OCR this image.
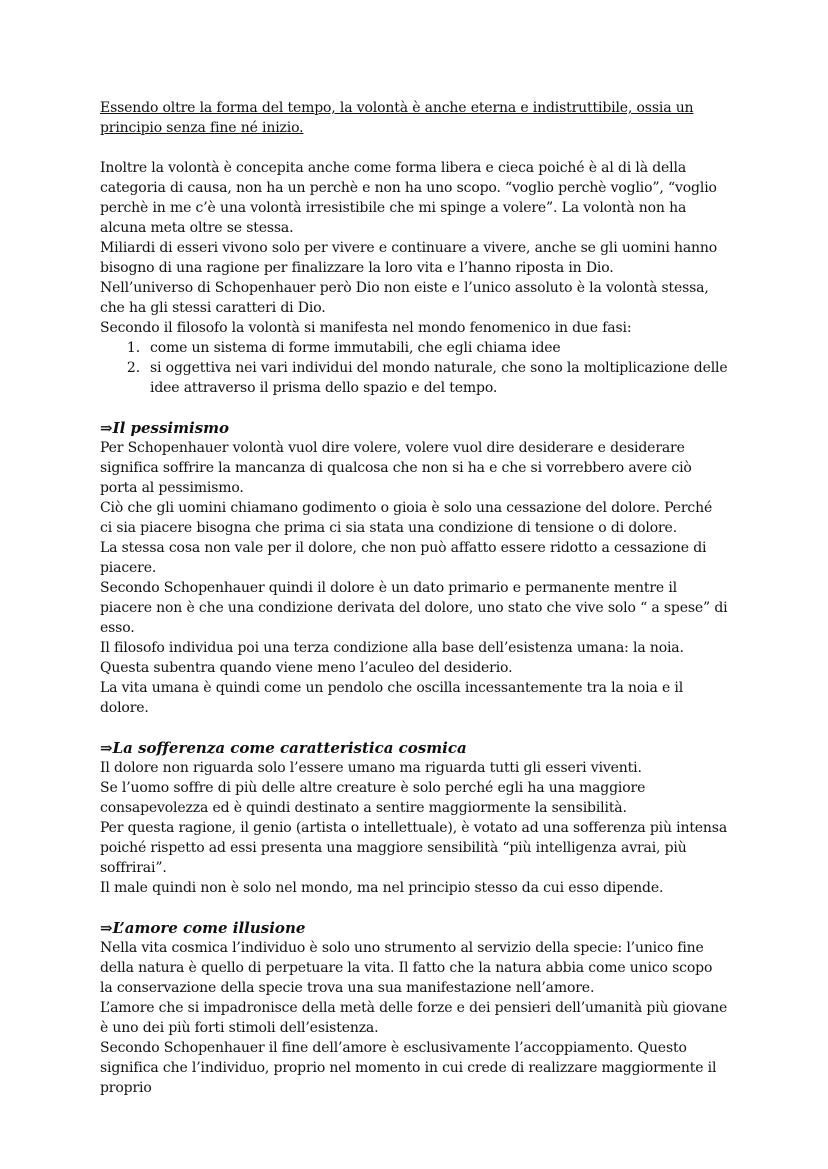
Essendo oltre la forma del tempo, la volontà è anche eterna e indistruttibile, ossia un principio senza fine né inizio.

Inoltre la volontà è concepita anche come forma libera e cieca poiché è al di là della categoria di causa, non ha un perchè e non ha uno scopo. “voglio perchè voglio”, “voglio perchè in me c’è una volontà irresistibile che mi spinge a volere”. La volontà non ha alcuna meta oltre se stessa.

Miliardi di esseri vivono solo per vivere e continuare a vivere, anche se gli uomini hanno bisogno di una ragione per finalizzare la loro vita e l’hanno riposta in Dio.

Nell’universo di Schopenhauer però Dio non eiste e l’unico assoluto è la volontà stessa, che ha gli stessi caratteri di Dio.

Secondo il filosofo la volontà si manifesta nel mondo fenomenico in due fasi:

come un sistema di forme immutabili, che egli chiama idee
si oggettiva nei vari individui del mondo naturale, che sono la moltiplicazione delle idee attraverso il prisma dello spazio e del tempo.

⇒Il pessimismo

Per Schopenhauer volontà vuol dire volere, volere vuol dire desiderare e desiderare significa soffrire la mancanza di qualcosa che non si ha e che si vorrebbero avere ciò porta al pessimismo.

Ciò che gli uomini chiamano godimento o gioia è solo una cessazione del dolore. Perché ci sia piacere bisogna che prima ci sia stata una condizione di tensione o di dolore.

La stessa cosa non vale per il dolore, che non può affatto essere ridotto a cessazione di piacere.

Secondo Schopenhauer quindi il dolore è un dato primario e permanente mentre il piacere non è che una condizione derivata del dolore, uno stato che vive solo “ a spese” di esso.

Il filosofo individua poi una terza condizione alla base dell’esistenza umana: la noia. Questa subentra quando viene meno l’aculeo del desiderio.

La vita umana è quindi come un pendolo che oscilla incessantemente tra la noia e il dolore.

⇒La sofferenza come caratteristica cosmica

Il dolore non riguarda solo l’essere umano ma riguarda tutti gli esseri viventi.

Se l’uomo soffre di più delle altre creature è solo perché egli ha una maggiore consapevolezza ed è quindi destinato a sentire maggiormente la sensibilità.

Per questa ragione, il genio (artista o intellettuale), è votato ad una sofferenza più intensa poiché rispetto ad essi presenta una maggiore sensibilità “più intelligenza avrai, più soffrirai”.

Il male quindi non è solo nel mondo, ma nel principio stesso da cui esso dipende.

⇒L’amore come illusione

Nella vita cosmica l’individuo è solo uno strumento al servizio della specie: l’unico fine della natura è quello di perpetuare la vita. Il fatto che la natura abbia come unico scopo la conservazione della specie trova una sua manifestazione nell’amore.

L’amore che si impadronisce della metà delle forze e dei pensieri dell’umanità più giovane è uno dei più forti stimoli dell’esistenza.

Secondo Schopenhauer il fine dell’amore è esclusivamente l’accoppiamento. Questo significa che l’individuo, proprio nel momento in cui crede di realizzare maggiormente il proprio
